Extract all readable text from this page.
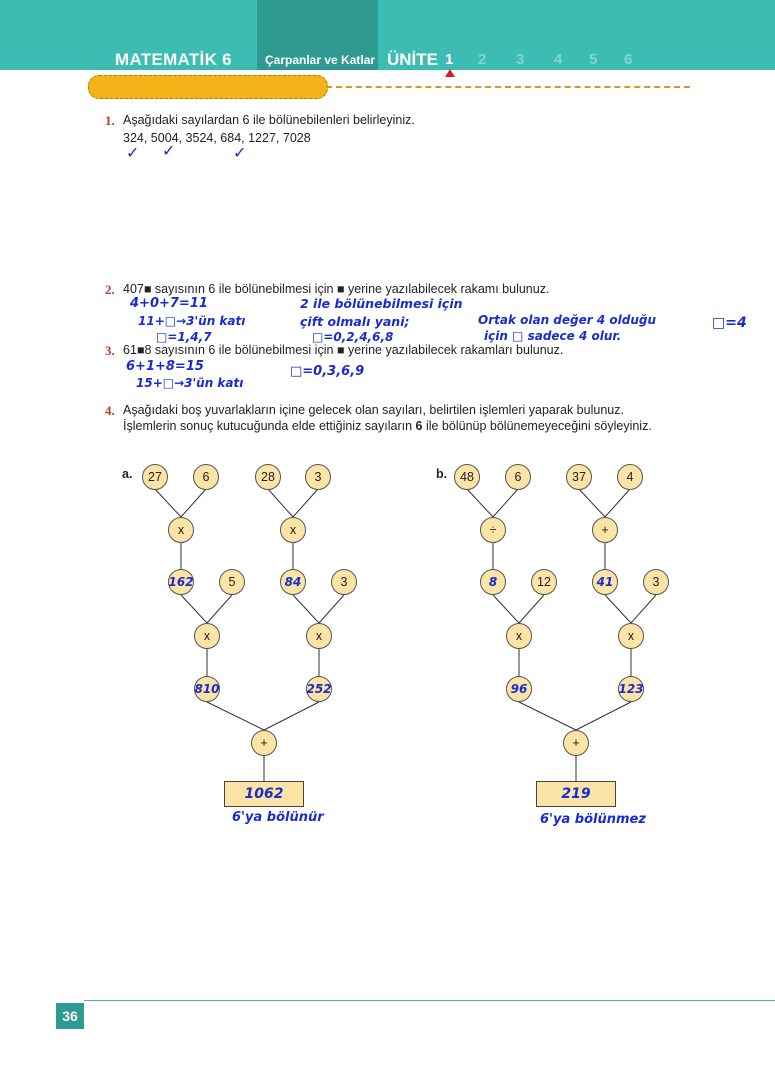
MATEMATİK 6	Çarpanlar ve Katlar ÜNİTE 1 2 3 4 5 6
1. Aşağıdaki sayılardan 6 ile bölünebilenleri belirleyiniz.
324, 5004, 3524, 684, 1227, 7028
✓ ✓	✓
2. 407■ sayısının 6 ile bölünebilmesi için ■ yerine yazılabilecek rakamı bulunuz.
4+0+7=11
11+□→3'ün katı
□=1,4,7
2 ile bölünebilmesi için
çift olmalı yani;
□=0,2,4,6,8
Ortak olan değer 4 olduğu
için □ sadece 4 olur.
□=4
3. 61■8 sayısının 6 ile bölünebilmesi için ■ yerine yazılabilecek rakamları bulunuz.
6+1+8=15
15+□→3'ün katı
□=0,3,6,9
4. Aşağıdaki boş yuvarlakların içine gelecek olan sayıları, belirtilen işlemleri yaparak bulunuz.
İşlemlerin sonuç kutucuğunda elde ettiğiniz sayıların 6 ile bölünüp bölünemeyeceğini söyleyiniz.
a.	27	6	28	3
x	x
162	5	84	3
x	x
810	252
+
1062
6'ya bölünür
b.	48	6	37	4
÷	+
8	12	41	3
x	x
96	123
+
219
6'ya bölünmez
36
